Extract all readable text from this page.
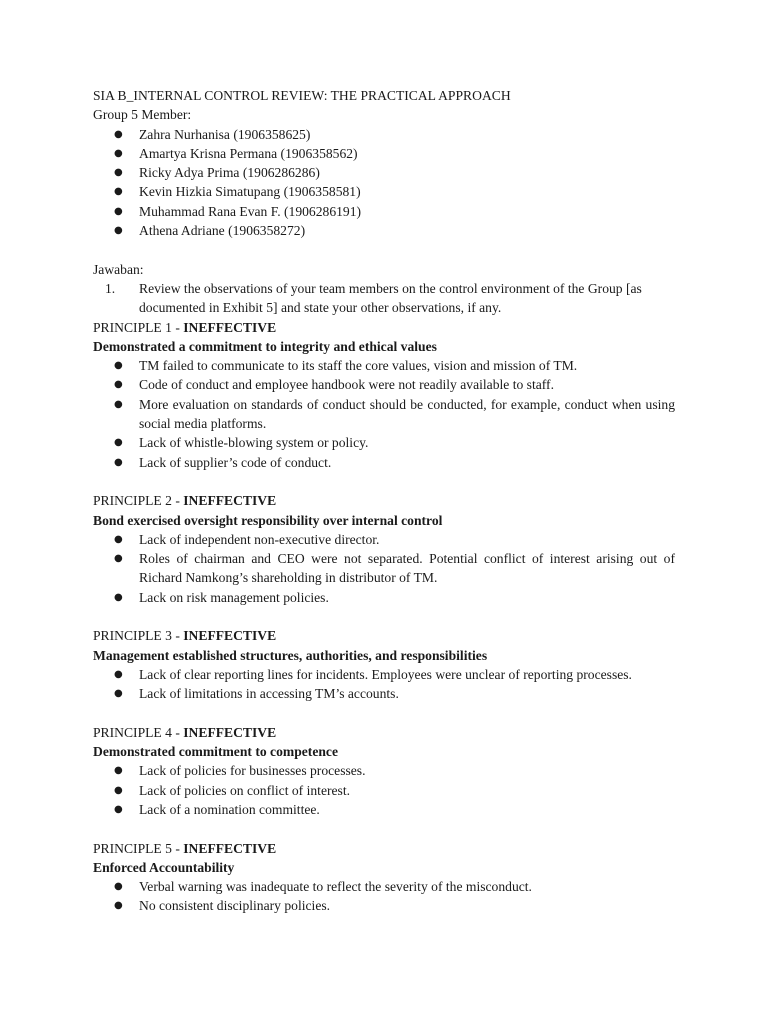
SIA B_INTERNAL CONTROL REVIEW: THE PRACTICAL APPROACH

Group 5 Member:

● Zahra Nurhanisa (1906358625)
● Amartya Krisna Permana (1906358562)
● Ricky Adya Prima (1906286286)
● Kevin Hizkia Simatupang (1906358581)
● Muhammad Rana Evan F. (1906286191)
● Athena Adriane (1906358272)

Jawaban:

1. Review the observations of your team members on the control environment of the Group [as documented in Exhibit 5] and state your other observations, if any.

PRINCIPLE 1 - INEFFECTIVE

Demonstrated a commitment to integrity and ethical values

● TM failed to communicate to its staff the core values, vision and mission of TM.
● Code of conduct and employee handbook were not readily available to staff.
● More evaluation on standards of conduct should be conducted, for example, conduct when using social media platforms.
● Lack of whistle-blowing system or policy.
● Lack of supplier’s code of conduct.

PRINCIPLE 2 - INEFFECTIVE

Bond exercised oversight responsibility over internal control

● Lack of independent non-executive director.
● Roles of chairman and CEO were not separated. Potential conflict of interest arising out of Richard Namkong’s shareholding in distributor of TM.
● Lack on risk management policies.

PRINCIPLE 3 - INEFFECTIVE

Management established structures, authorities, and responsibilities

● Lack of clear reporting lines for incidents. Employees were unclear of reporting processes.
● Lack of limitations in accessing TM’s accounts.

PRINCIPLE 4 - INEFFECTIVE

Demonstrated commitment to competence

● Lack of policies for businesses processes.
● Lack of policies on conflict of interest.
● Lack of a nomination committee.

PRINCIPLE 5 - INEFFECTIVE

Enforced Accountability

● Verbal warning was inadequate to reflect the severity of the misconduct.
● No consistent disciplinary policies.
